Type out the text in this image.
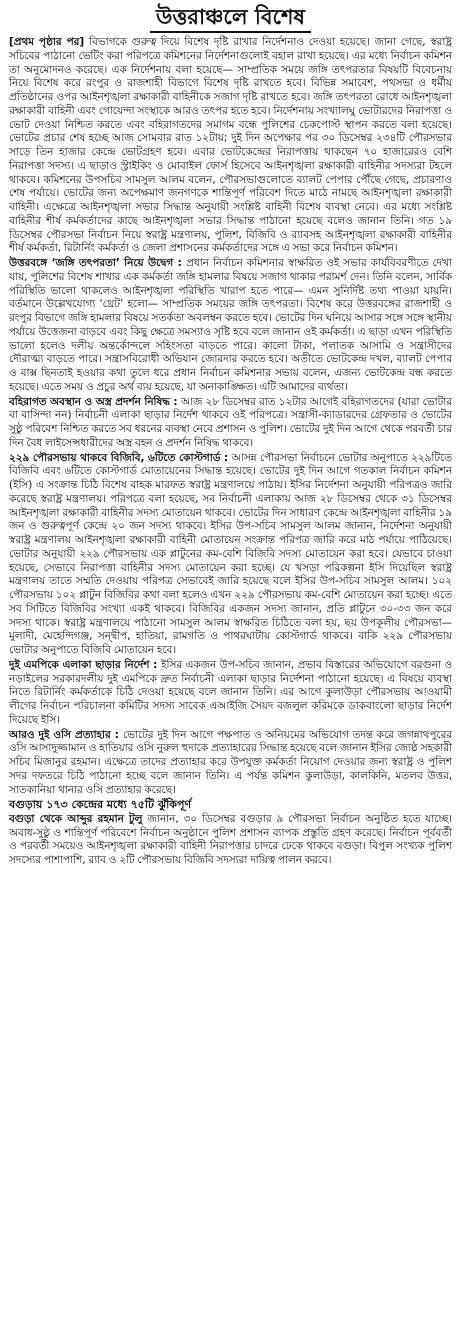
উত্তরাঞ্চলে বিশেষ

[প্রথম পৃষ্ঠার পর] বিভাগকে গুরুত্ব দিয়ে বিশেষ দৃষ্টি রাখার নির্দেশনাও দেওয়া হয়েছে। জানা গেছে, স্বরাষ্ট্র সচিবের পাঠানো ভেটিং করা পরিপত্রে কমিশনের নির্দেশনাগুলোই বহাল রাখা হয়েছে। এর মধ্যে নির্বাচন কমিশন তা অনুমোদনও করেছে। এক নির্দেশনায় বলা হয়েছে— সাম্প্রতিক সময়ে জঙ্গি তৎপরতার বিষয়টি বিবেচনায় নিয়ে বিশেষ করে রংপুর ও রাজশাহী বিভাগে বিশেষ দৃষ্টি রাখতে হবে। বিভিন্ন সমাবেশ, পথসভা ও ধর্মীয় প্রতিষ্ঠানের ওপর আইনশৃঙ্খলা রক্ষাকারী বাহিনীকে সজাগ দৃষ্টি রাখতে হবে। জঙ্গি তৎপরতা রোধে আইনশৃঙ্খলা রক্ষাকারী বাহিনী এবং গোয়েন্দা সংস্থাকে আরও তৎপর হতে হবে। নির্দেশনায় সংখ্যালঘু ভোটারদের নিরাপত্তা ও ভোট দেওয়া নিশ্চিত করতে এবং বহিরাগতদের সমাগম বন্ধে পুলিশের চেকপোস্ট স্থাপন করতে বলা হয়েছে। ভোটের প্রচার শেষ হচ্ছে আজ সোমবার রাত ১২টায়; দুই দিন অপেক্ষার পর ৩০ ডিসেম্বর ২৩৪টি পৌরসভার সাড়ে তিন হাজার কেন্দ্রে ভোটগ্রহণ হবে। এবার ভোটকেন্দ্রের নিরাপত্তায় থাকছেন ৭০ হাজারেরও বেশি নিরাপত্তা সদস্য। এ ছাড়াও স্ট্রাইকিং ও মোবাইল ফোর্স হিসেবে আইনশৃঙ্খলা রক্ষাকারী বাহিনীর সদস্যরা টহলে থাকবে। কমিশনের উপসচিব সামসুল আলম বলেন, পৌরসভাগুলোতে ব্যালট পেপার পৌঁছে গেছে, প্রচারণাও শেষ পর্যায়ে। ভোটের জন্য অপেক্ষমাণ জনগণকে শান্তিপূর্ণ পরিবেশ দিতে মাঠে নামছে আইনশৃঙ্খলা রক্ষাকারী বাহিনী। এক্ষেত্রে আইনশৃঙ্খলা সভার সিদ্ধান্ত অনুযায়ী সংশ্লিষ্ট বাহিনী বিশেষ ব্যবস্থা নেবে। এর মধ্যে সংশ্লিষ্ট বাহিনীর শীর্ষ কর্মকর্তাদের কাছে আইনশৃঙ্খলা সভার সিদ্ধান্ত পাঠানো হয়েছে বলেও জানান তিনি। গত ১৯ ডিসেম্বর পৌরসভা নির্বাচন নিয়ে স্বরাষ্ট্র মন্ত্রণালয়, পুলিশ, বিজিবি ও র‍্যাবসহ আইনশৃঙ্খলা রক্ষাকারী বাহিনীর শীর্ষ কর্মকর্তা, রিটার্নিং কর্মকর্তা ও জেলা প্রশাসনের কর্মকর্তাদের সঙ্গে এ সভা করে নির্বাচন কমিশন।

উত্তরবঙ্গে ‘জঙ্গি তৎপরতা’ নিয়ে উদ্বেগ : প্রধান নির্বাচন কমিশনার স্বাক্ষরিত ওই সভার কার্যবিবরণীতে দেখা যায়, পুলিশের বিশেষ শাখার এক কর্মকর্তা জঙ্গি হামলার বিষয়ে সজাগ থাকার পরামর্শ দেন। তিনি বলেন, সার্বিক পরিস্থিতি ভালো থাকলেও আইনশৃঙ্খলা পরিস্থিতি খারাপ হতে পারে— এমন সুনির্দিষ্ট তথ্য পাওয়া যায়নি। বর্তমানে উল্লেখযোগ্য ‘থ্রেট’ হলো— সাম্প্রতিক সময়ের জঙ্গি তৎপরতা। বিশেষ করে উত্তরবঙ্গের রাজশাহী ও রংপুর বিভাগে জঙ্গি হামলার বিষয়ে সতর্কতা অবলম্বন করতে হবে। ভোটের দিন ঘনিয়ে আসার সঙ্গে সঙ্গে স্থানীয় পর্যায়ে উত্তেজনা বাড়বে এবং কিছু ক্ষেত্রে সমস্যাও সৃষ্টি হবে বলে জানান ওই কর্মকর্তা। এ ছাড়া এখন পরিস্থিতি ভালো হলেও দলীয় অন্তর্কোন্দলে সহিংসতা বাড়তে পারে। কালো টাকা, পলাতক আসামি ও সন্ত্রাসীদের দৌরাত্ম্য বাড়তে পারে। সন্ত্রাসবিরোধী অভিযান জোরদার করতে হবে। অতীতে ভোটকেন্দ্র দখল, ব্যালট পেপার ও বাক্স ছিনতাই হওয়ার কথা তুলে ধরে প্রধান নির্বাচন কমিশনার সভায় বলেন, এজন্য ভোটকেন্দ্র বন্ধ করতে হয়েছে। এতে সময় ও প্রচুর অর্থ ব্যয় হয়েছে, যা অনাকাঙ্ক্ষিত। এটি আমাদের ব্যর্থতা।

বহিরাগত অবস্থান ও অস্ত্র প্রদর্শন নিষিদ্ধ : আজ ২৮ ডিসেম্বর রাত ১২টার আগেই বহিরাগতদের (যারা ভোটার বা বাসিন্দা নন) নির্বাচনী এলাকা ছাড়ার নির্দেশ থাকবে ওই পরিপত্রে। সন্ত্রাসী-ক্যাডারদের গ্রেফতার ও ভোটের সুষ্ঠু পরিবেশ নিশ্চিত করতে সব ধরনের ব্যবস্থা নেবে প্রশাসন ও পুলিশ। ভোটের দুই দিন আগে থেকে পরবর্তী চার দিন বৈধ লাইসেন্সধারীদের অস্ত্র বহন ও প্রদর্শন নিষিদ্ধ থাকবে।

২২৯ পৌরসভায় থাকবে বিজিবি, ৬টিতে কোস্টগার্ড : আসন্ন পৌরসভা নির্বাচনে ভোটার অনুপাতে ২২৯টিতে বিজিবি এবং ৬টিতে কোস্টগার্ড মোতায়েনের সিদ্ধান্ত হয়েছে। ভোটের দুই দিন আগে গতকাল নির্বাচন কমিশন (ইসি) এ সংক্রান্ত চিঠি বিশেষ বাহক মারফত স্বরাষ্ট্র মন্ত্রণালয়ে পাঠায়। ইসির নির্দেশনা অনুযায়ী পরিপত্রও জারি করেছে স্বরাষ্ট্র মন্ত্রণালয়। পরিপত্রে বলা হয়েছে, সব নির্বাচনী এলাকায় আজ ২৮ ডিসেম্বর থেকে ৩১ ডিসেম্বর আইনশৃঙ্খলা রক্ষাকারী বাহিনীর সদস্য মোতায়েন থাকবে। ভোটের দিন সাধারণ কেন্দ্রে আইনশৃঙ্খলা বাহিনীর ১৯ জন ও গুরুত্বপূর্ণ কেন্দ্রে ২০ জন সদস্য থাকবে। ইসির উপ-সচিব সামসুল আলম জানান, নির্দেশনা অনুযায়ী স্বরাষ্ট্র মন্ত্রণালয় আইনশৃঙ্খলা রক্ষাকারী বাহিনী মোতায়েন সংক্রান্ত পরিপত্র জারি করে মাঠ পর্যায়ে পাঠিয়েছে। ভোটার অনুযায়ী ২২৯ পৌরসভায় এক প্লাটুনের কম-বেশি বিজিবি সদস্য মোতায়েন করা হবে। যেভাবে চাওয়া হয়েছে, সেভাবে নিরাপত্তা বাহিনীর সদস্য মোতায়েন করা হচ্ছে। যে খসড়া পরিকল্পনা ইসি দিয়েছিল স্বরাষ্ট্র মন্ত্রণালয় তাতে সম্মতি দেওয়ায় পরিপত্র সেভাবেই জারি হয়েছে বলে ইসির উপ-সচিব সামসুল আলম। ১০২ পৌরসভায় ১০২ প্লাটুন বিজিবির কথা বলা হলেও এখন ২২৯ পৌরসভায় কম-বেশি মোতায়েন করা হচ্ছে। এতে সব সিটিতে বিজিবির সংখ্যা একই থাকবে। বিজিবির একজন সদস্য জানান, প্রতি প্লাটুনে ৩০-৩৩ জন করে সদস্য থাকে। স্বরাষ্ট্র মন্ত্রণালয়ে পাঠানো সামসুল আলম স্বাক্ষরিত চিঠিতে বলা হয়, ছয় উপকূলীয় পৌরসভা— মুলাদী, মেহেন্দিগঞ্জ, সন্দ্বীপ, হাতিয়া, রামগতি ও পাথরঘাটায় কোস্টগার্ড থাকবে। বাকি ২২৯ পৌরসভায় ভোটার অনুপাতে বিজিবি মোতায়েন হবে।

দুই এমপিকে এলাকা ছাড়ার নির্দেশ : ইসির একজন উপ-সচিব জানান, প্রভাব বিস্তারের অভিযোগে বরগুনা ও নড়াইলের সরকারদলীয় দুই এমপিকে দ্রুত নির্বাচনী এলাকা ছাড়ার নির্দেশনা পাঠানো হয়েছে। এ বিষয়ে ব্যবস্থা নিতে রিটার্নিং কর্মকর্তাকে চিঠি দেওয়া হয়েছে বলে জানান তিনি। এর আগে কুলাউড়া পৌরসভায় আওয়ামী লীগের নির্বাচন পরিচালনা কমিটির সদস্য সাবেক এআইজি সৈয়দ বজলুল করিমকে ডাকবাংলো ছাড়ার নির্দেশ দিয়েছে ইসি।

আরও দুই ওসি প্রত্যাহার : ভোটের দুই দিন আগে পক্ষপাত ও অনিয়মের অভিযোগ তদন্ত করে জগন্নাথপুরের ওসি আসাদুজ্জামান ও হাতিয়ার ওসি নুরুল হুদাকে প্রত্যাহারের সিদ্ধান্ত হয়েছে বলে জানান ইসির জ্যেষ্ঠ সহকারী সচিব মিজানুর রহমান। এক্ষেত্রে তাদের প্রত্যাহার করে উপযুক্ত কর্মকর্তা নিয়োগ দেওয়ার জন্য স্বরাষ্ট্র ও পুলিশ সদর দফতরে চিঠি পাঠানো হচ্ছে বলে জানান তিনি। এ পর্যন্ত কমিশন কুলাউড়া, কালকিনি, মতলব উত্তর, সাতকানিয়া থানার ওসি প্রত্যাহার করেছে।

বগুড়ায় ১৭৩ কেন্দ্রের মধ্যে ৭৫টি ঝুঁকিপূর্ণ

বগুড়া থেকে আব্দুর রহমান টুলু জানান, ৩০ ডিসেম্বর বগুড়ার ৯ পৌরসভা নির্বাচন অনুষ্ঠিত হতে যাচ্ছে। অবাধ-সুষ্ঠু ও শান্তিপূর্ণ পরিবেশে নির্বাচন অনুষ্ঠানে পুলিশ প্রশাসন ব্যাপক প্রস্তুতি গ্রহণ করেছে। নির্বাচন পূর্ববর্তী ও পরবর্তী সময়েও আইনশৃঙ্খলা রক্ষাকারী বাহিনী নিরাপত্তার চাদরে ঢেকে থাকবে বগুড়া। বিপুল সংখ্যক পুলিশ সদস্যের পাশাপাশি, র‍্যাব ও ২টি পৌরসভায় বিজিবি সদস্যরা দায়িত্ব পালন করবে।
